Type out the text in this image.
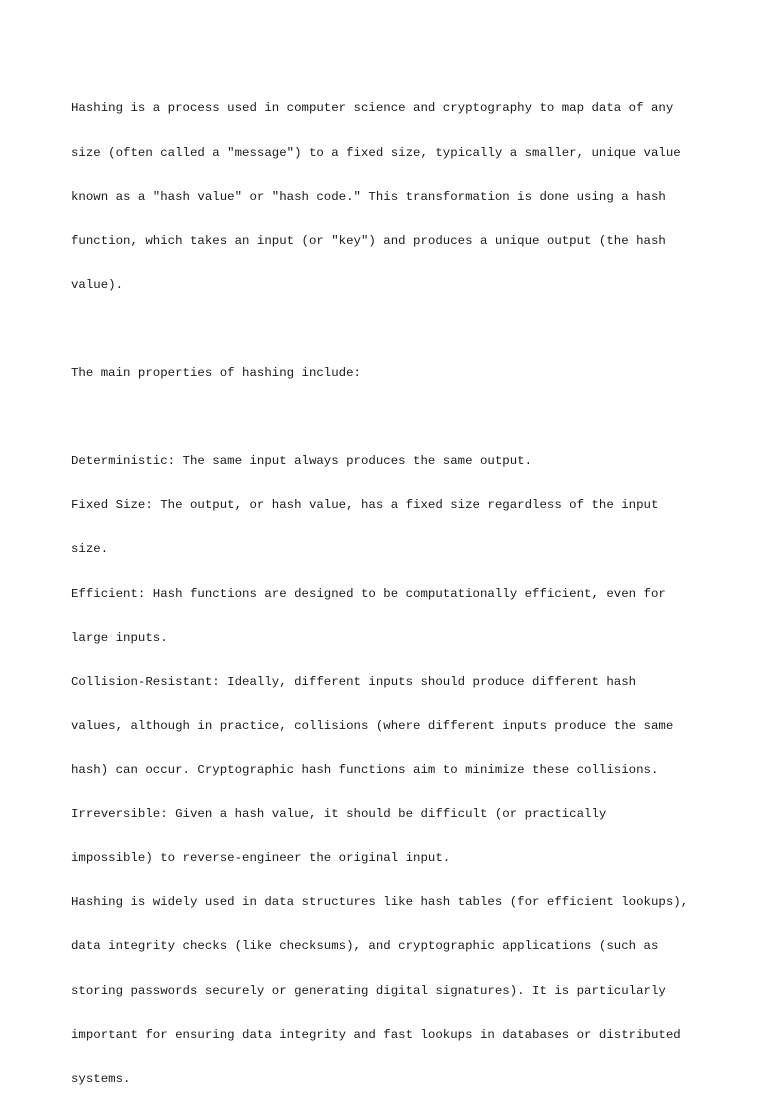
Hashing is a process used in computer science and cryptography to map data of any

size (often called a "message") to a fixed size, typically a smaller, unique value

known as a "hash value" or "hash code." This transformation is done using a hash

function, which takes an input (or "key") and produces a unique output (the hash

value).

The main properties of hashing include:

Deterministic: The same input always produces the same output.

Fixed Size: The output, or hash value, has a fixed size regardless of the input

size.

Efficient: Hash functions are designed to be computationally efficient, even for

large inputs.

Collision-Resistant: Ideally, different inputs should produce different hash

values, although in practice, collisions (where different inputs produce the same

hash) can occur. Cryptographic hash functions aim to minimize these collisions.

Irreversible: Given a hash value, it should be difficult (or practically

impossible) to reverse-engineer the original input.

Hashing is widely used in data structures like hash tables (for efficient lookups),

data integrity checks (like checksums), and cryptographic applications (such as

storing passwords securely or generating digital signatures). It is particularly

important for ensuring data integrity and fast lookups in databases or distributed

systems.
